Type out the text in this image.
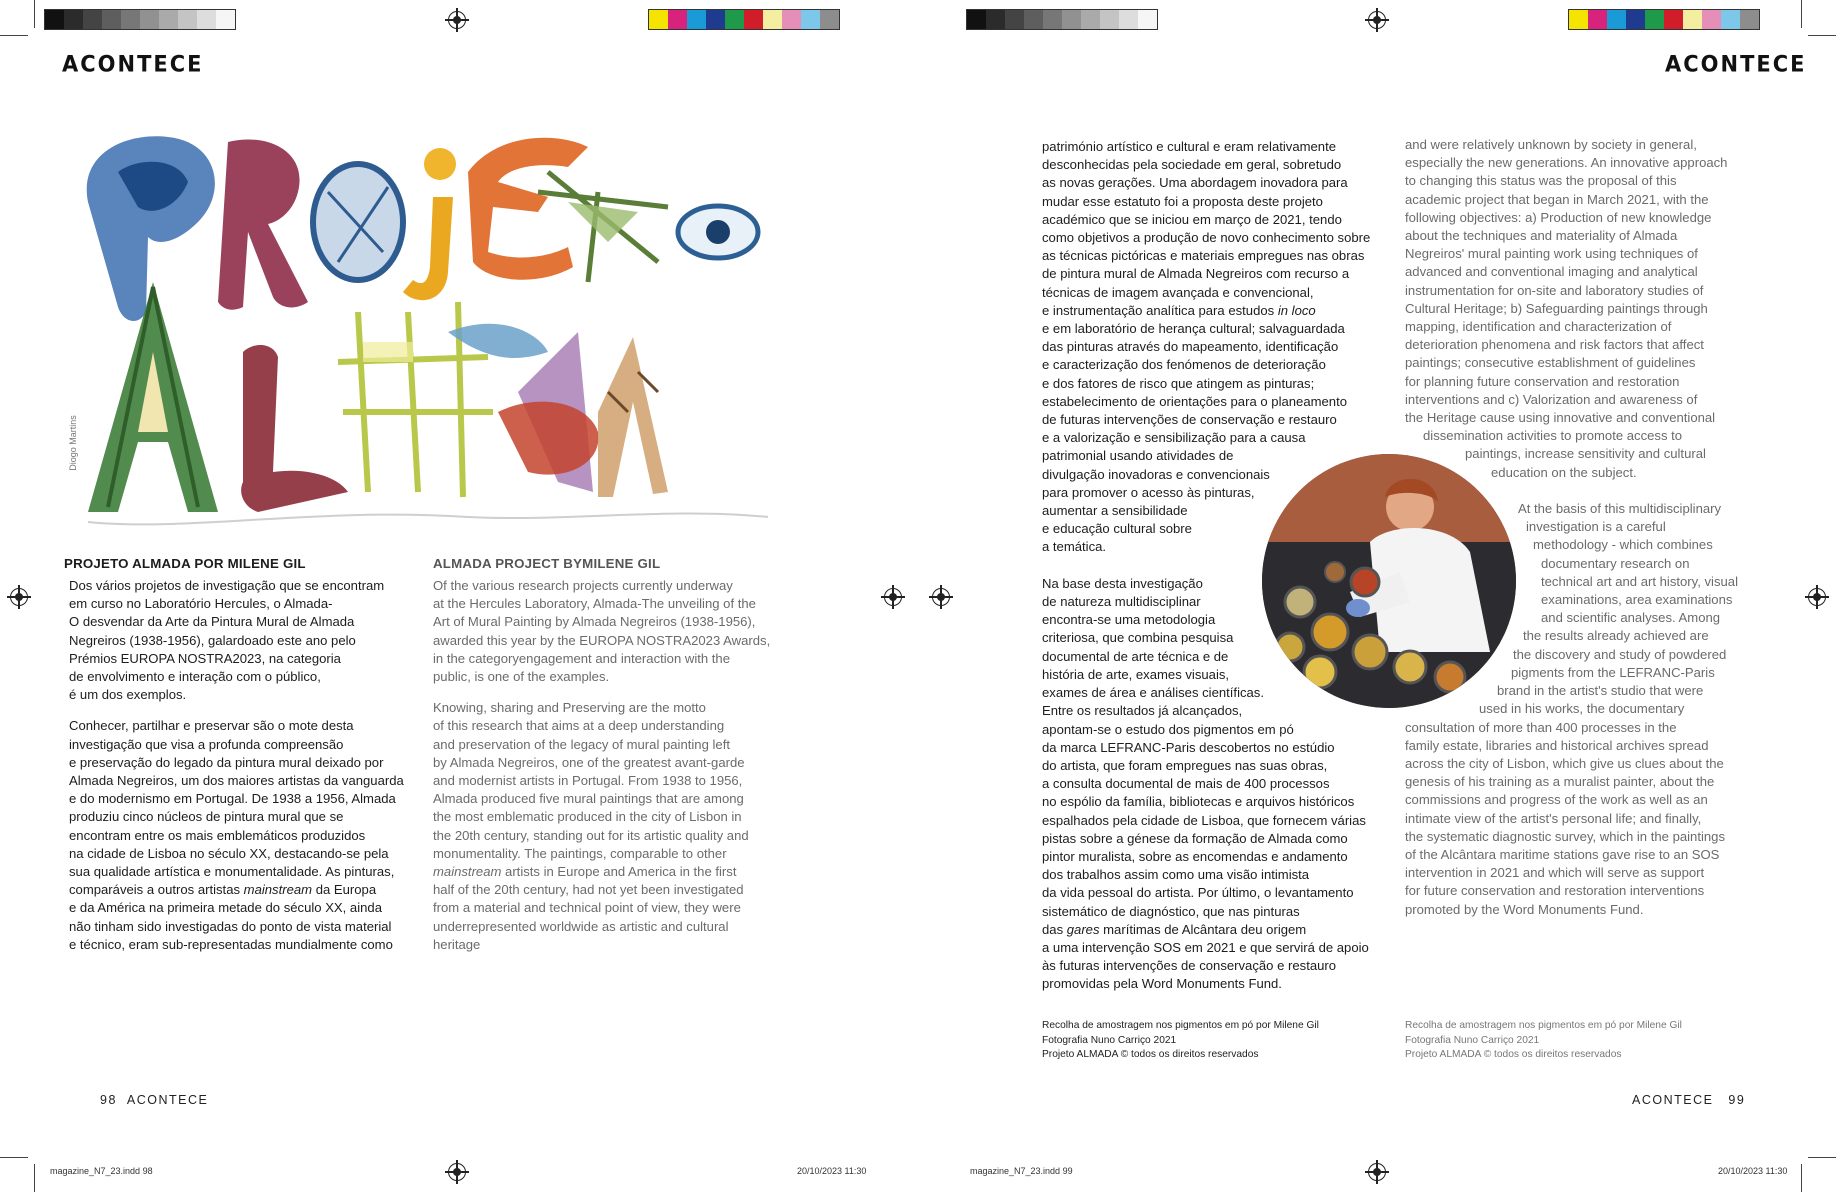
ACONTECE
Diogo Martins
PROJETO ALMADA POR MILENE GIL	ALMADA PROJECT BYMILENE GIL

Dos vários projetos de investigação que se encontram
em curso no Laboratório Hercules, o Almada-
O desvendar da Arte da Pintura Mural de Almada
Negreiros (1938-1956), galardoado este ano pelo
Prémios EUROPA NOSTRA2023, na categoria
de envolvimento e interação com o público,
é um dos exemplos.

Conhecer, partilhar e preservar são o mote desta
investigação que visa a profunda compreensão
e preservação do legado da pintura mural deixado por
Almada Negreiros, um dos maiores artistas da vanguarda
e do modernismo em Portugal. De 1938 a 1956, Almada
produziu cinco núcleos de pintura mural que se
encontram entre os mais emblemáticos produzidos
na cidade de Lisboa no século XX, destacando-se pela
sua qualidade artística e monumentalidade. As pinturas,
comparáveis a outros artistas mainstream da Europa
e da América na primeira metade do século XX, ainda
não tinham sido investigadas do ponto de vista material
e técnico, eram sub-representadas mundialmente como

Of the various research projects currently underway
at the Hercules Laboratory, Almada-The unveiling of the
Art of Mural Painting by Almada Negreiros (1938-1956),
awarded this year by the EUROPA NOSTRA2023 Awards,
in the categoryengagement and interaction with the
public, is one of the examples.

Knowing, sharing and Preserving are the motto
of this research that aims at a deep understanding
and preservation of the legacy of mural painting left
by Almada Negreiros, one of the greatest avant-garde
and modernist artists in Portugal. From 1938 to 1956,
Almada produced five mural paintings that are among
the most emblematic produced in the city of Lisbon in
the 20th century, standing out for its artistic quality and
monumentality. The paintings, comparable to other
mainstream artists in Europe and America in the first
half of the 20th century, had not yet been investigated
from a material and technical point of view, they were
underrepresented worldwide as artistic and cultural
heritage

98 ACONTECE
magazine_N7_23.indd 98	20/10/2023 11:30
ACONTECE
património artístico e cultural e eram relativamente
desconhecidas pela sociedade em geral, sobretudo
as novas gerações. Uma abordagem inovadora para
mudar esse estatuto foi a proposta deste projeto
académico que se iniciou em março de 2021, tendo
como objetivos a produção de novo conhecimento sobre
as técnicas pictóricas e materiais empregues nas obras
de pintura mural de Almada Negreiros com recurso a
técnicas de imagem avançada e convencional,
e instrumentação analítica para estudos in loco
e em laboratório de herança cultural; salvaguardada
das pinturas através do mapeamento, identificação
e caracterização dos fenómenos de deterioração
e dos fatores de risco que atingem as pinturas;
estabelecimento de orientações para o planeamento
de futuras intervenções de conservação e restauro
e a valorização e sensibilização para a causa
patrimonial usando atividades de
divulgação inovadoras e convencionais
para promover o acesso às pinturas,
aumentar a sensibilidade
e educação cultural sobre
a temática.

Na base desta investigação
de natureza multidisciplinar
encontra-se uma metodologia
criteriosa, que combina pesquisa
documental de arte técnica e de
história de arte, exames visuais,
exames de área e análises científicas.
Entre os resultados já alcançados,
apontam-se o estudo dos pigmentos em pó
da marca LEFRANC-Paris descobertos no estúdio
do artista, que foram empregues nas suas obras,
a consulta documental de mais de 400 processos
no espólio da família, bibliotecas e arquivos históricos
espalhados pela cidade de Lisboa, que fornecem várias
pistas sobre a génese da formação de Almada como
pintor muralista, sobre as encomendas e andamento
dos trabalhos assim como uma visão intimista
da vida pessoal do artista. Por último, o levantamento
sistemático de diagnóstico, que nas pinturas
das gares marítimas de Alcântara deu origem
a uma intervenção SOS em 2021 e que servirá de apoio
às futuras intervenções de conservação e restauro
promovidas pela Word Monuments Fund.
and were relatively unknown by society in general,
especially the new generations. An innovative approach
to changing this status was the proposal of this
academic project that began in March 2021, with the
following objectives: a) Production of new knowledge
about the techniques and materiality of Almada
Negreiros' mural painting work using techniques of
advanced and conventional imaging and analytical
instrumentation for on-site and laboratory studies of
Cultural Heritage; b) Safeguarding paintings through
mapping, identification and characterization of
deterioration phenomena and risk factors that affect
paintings; consecutive establishment of guidelines
for planning future conservation and restoration
interventions and c) Valorization and awareness of
the Heritage cause using innovative and conventional
dissemination activities to promote access to
paintings, increase sensitivity and cultural
education on the subject.

At the basis of this multidisciplinary
investigation is a careful
methodology - which combines
documentary research on
technical art and art history, visual
examinations, area examinations
and scientific analyses. Among
the results already achieved are
the discovery and study of powdered
pigments from the LEFRANC-Paris
brand in the artist's studio that were
used in his works, the documentary
consultation of more than 400 processes in the
family estate, libraries and historical archives spread
across the city of Lisbon, which give us clues about the
genesis of his training as a muralist painter, about the
commissions and progress of the work as well as an
intimate view of the artist's personal life; and finally,
the systematic diagnostic survey, which in the paintings
of the Alcântara maritime stations gave rise to an SOS
intervention in 2021 and which will serve as support
for future conservation and restoration interventions
promoted by the Word Monuments Fund.
Recolha de amostragem nos pigmentos em pó por Milene Gil
Fotografia Nuno Carriço 2021
Projeto ALMADA © todos os direitos reservados
Recolha de amostragem nos pigmentos em pó por Milene Gil
Fotografia Nuno Carriço 2021
Projeto ALMADA © todos os direitos reservados
ACONTECE 99
magazine_N7_23.indd 99	20/10/2023 11:30
